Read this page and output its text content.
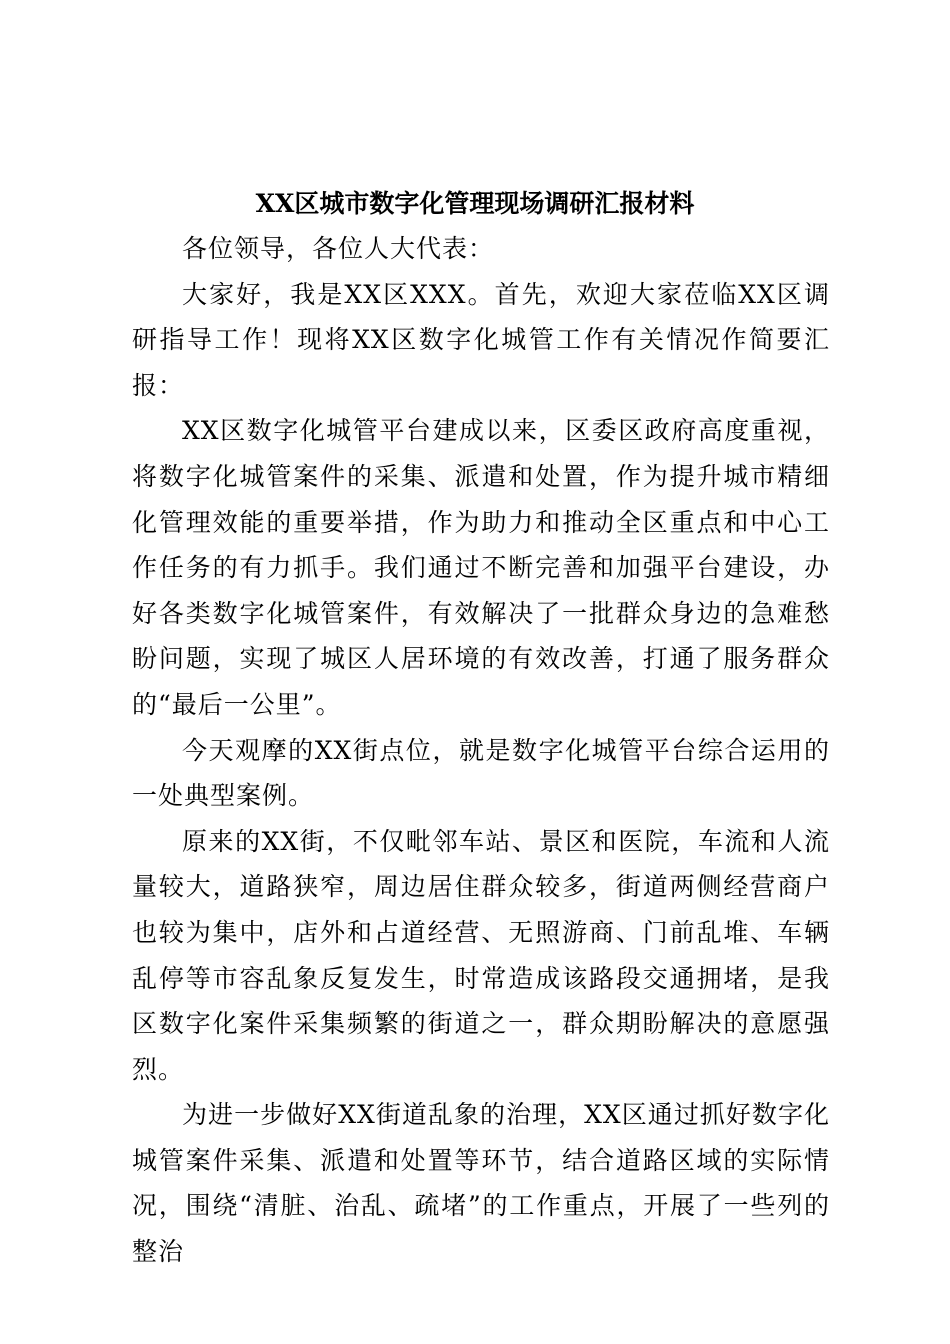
XX区城市数字化管理现场调研汇报材料

各位领导，各位人大代表：

大家好，我是XX区XXX。首先，欢迎大家莅临XX区调研指导工作！现将XX区数字化城管工作有关情况作简要汇报：

XX区数字化城管平台建成以来，区委区政府高度重视，将数字化城管案件的采集、派遣和处置，作为提升城市精细化管理效能的重要举措，作为助力和推动全区重点和中心工作任务的有力抓手。我们通过不断完善和加强平台建设，办好各类数字化城管案件，有效解决了一批群众身边的急难愁盼问题，实现了城区人居环境的有效改善，打通了服务群众的“最后一公里”。

今天观摩的XX街点位，就是数字化城管平台综合运用的一处典型案例。

原来的XX街，不仅毗邻车站、景区和医院，车流和人流量较大，道路狭窄，周边居住群众较多，街道两侧经营商户也较为集中，店外和占道经营、无照游商、门前乱堆、车辆乱停等市容乱象反复发生，时常造成该路段交通拥堵，是我区数字化案件采集频繁的街道之一，群众期盼解决的意愿强烈。

为进一步做好XX街道乱象的治理，XX区通过抓好数字化城管案件采集、派遣和处置等环节，结合道路区域的实际情况，围绕“清脏、治乱、疏堵”的工作重点，开展了一些列的整治
